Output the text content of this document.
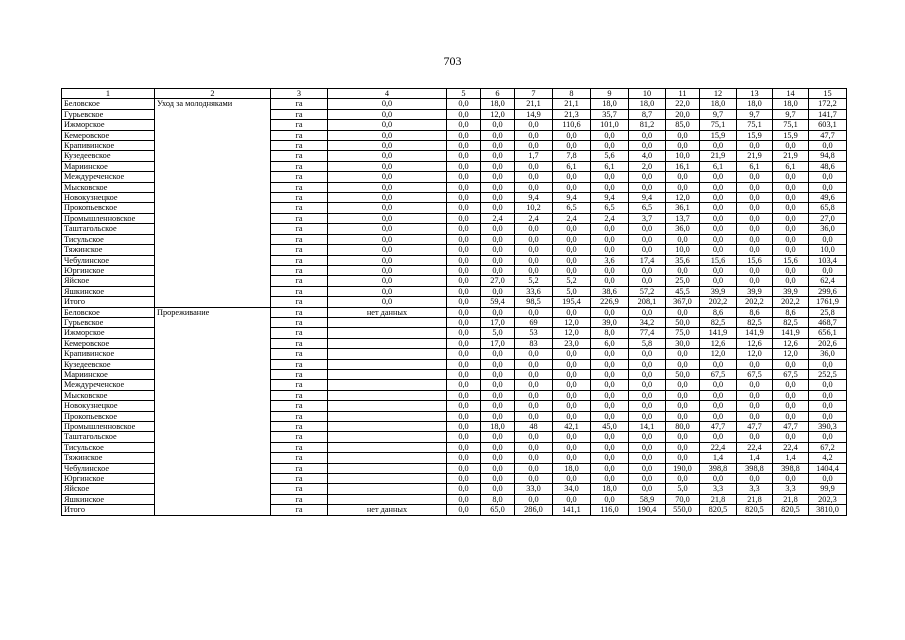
703
1	2	3	4	5	6	7	8	9	10	11	12	13	14	15
Беловское	Уход за молодняками	га	0,0	0,0	18,0	21,1	21,1	18,0	18,0	22,0	18,0	18,0	18,0	172,2
Гурьевское		га	0,0	0,0	12,0	14,9	21,3	35,7	8,7	20,0	9,7	9,7	9,7	141,7
Ижморское		га	0,0	0,0	0,0	0,0	110,6	101,0	81,2	85,0	75,1	75,1	75,1	603,1
Кемеровское		га	0,0	0,0	0,0	0,0	0,0	0,0	0,0	0,0	15,9	15,9	15,9	47,7
Крапивинское		га	0,0	0,0	0,0	0,0	0,0	0,0	0,0	0,0	0,0	0,0	0,0	0,0
Кузедеевское		га	0,0	0,0	0,0	1,7	7,8	5,6	4,0	10,0	21,9	21,9	21,9	94,8
Мариинское		га	0,0	0,0	0,0	0,0	6,1	6,1	2,0	16,1	6,1	6,1	6,1	48,6
Междуреченское		га	0,0	0,0	0,0	0,0	0,0	0,0	0,0	0,0	0,0	0,0	0,0	0,0
Мысковское		га	0,0	0,0	0,0	0,0	0,0	0,0	0,0	0,0	0,0	0,0	0,0	0,0
Новокузнецкое		га	0,0	0,0	0,0	9,4	9,4	9,4	9,4	12,0	0,0	0,0	0,0	49,6
Прокопьевское		га	0,0	0,0	0,0	10,2	6,5	6,5	6,5	36,1	0,0	0,0	0,0	65,8
Промышленновское		га	0,0	0,0	2,4	2,4	2,4	2,4	3,7	13,7	0,0	0,0	0,0	27,0
Таштагольское		га	0,0	0,0	0,0	0,0	0,0	0,0	0,0	36,0	0,0	0,0	0,0	36,0
Тисульское		га	0,0	0,0	0,0	0,0	0,0	0,0	0,0	0,0	0,0	0,0	0,0	0,0
Тяжинское		га	0,0	0,0	0,0	0,0	0,0	0,0	0,0	10,0	0,0	0,0	0,0	10,0
Чебулинское		га	0,0	0,0	0,0	0,0	0,0	3,6	17,4	35,6	15,6	15,6	15,6	103,4
Юргинское		га	0,0	0,0	0,0	0,0	0,0	0,0	0,0	0,0	0,0	0,0	0,0	0,0
Яйское		га	0,0	0,0	27,0	5,2	5,2	0,0	0,0	25,0	0,0	0,0	0,0	62,4
Яшкинское		га	0,0	0,0	0,0	33,6	5,0	38,6	57,2	45,5	39,9	39,9	39,9	299,6
Итого		га	0,0	0,0	59,4	98,5	195,4	226,9	208,1	367,0	202,2	202,2	202,2	1761,9
Беловское	Прореживание	га	нет данных	0,0	0,0	0,0	0,0	0,0	0,0	0,0	8,6	8,6	8,6	25,8
Гурьевское		га		0,0	17,0	69	12,0	39,0	34,2	50,0	82,5	82,5	82,5	468,7
Ижморское		га		0,0	5,0	53	12,0	8,0	77,4	75,0	141,9	141,9	141,9	656,1
Кемеровское		га		0,0	17,0	83	23,0	6,0	5,8	30,0	12,6	12,6	12,6	202,6
Крапивинское		га		0,0	0,0	0,0	0,0	0,0	0,0	0,0	12,0	12,0	12,0	36,0
Кузедеевское		га		0,0	0,0	0,0	0,0	0,0	0,0	0,0	0,0	0,0	0,0	0,0
Мариинское		га		0,0	0,0	0,0	0,0	0,0	0,0	50,0	67,5	67,5	67,5	252,5
Междуреченское		га		0,0	0,0	0,0	0,0	0,0	0,0	0,0	0,0	0,0	0,0	0,0
Мысковское		га		0,0	0,0	0,0	0,0	0,0	0,0	0,0	0,0	0,0	0,0	0,0
Новокузнецкое		га		0,0	0,0	0,0	0,0	0,0	0,0	0,0	0,0	0,0	0,0	0,0
Прокопьевское		га		0,0	0,0	0,0	0,0	0,0	0,0	0,0	0,0	0,0	0,0	0,0
Промышленновское		га		0,0	18,0	48	42,1	45,0	14,1	80,0	47,7	47,7	47,7	390,3
Таштагольское		га		0,0	0,0	0,0	0,0	0,0	0,0	0,0	0,0	0,0	0,0	0,0
Тисульское		га		0,0	0,0	0,0	0,0	0,0	0,0	0,0	22,4	22,4	22,4	67,2
Тяжинское		га		0,0	0,0	0,0	0,0	0,0	0,0	0,0	1,4	1,4	1,4	4,2
Чебулинское		га		0,0	0,0	0,0	18,0	0,0	0,0	190,0	398,8	398,8	398,8	1404,4
Юргинское		га		0,0	0,0	0,0	0,0	0,0	0,0	0,0	0,0	0,0	0,0	0,0
Яйское		га		0,0	0,0	33,0	34,0	18,0	0,0	5,0	3,3	3,3	3,3	99,9
Яшкинское		га		0,0	8,0	0,0	0,0	0,0	58,9	70,0	21,8	21,8	21,8	202,3
Итого		га	нет данных	0,0	65,0	286,0	141,1	116,0	190,4	550,0	820,5	820,5	820,5	3810,0
